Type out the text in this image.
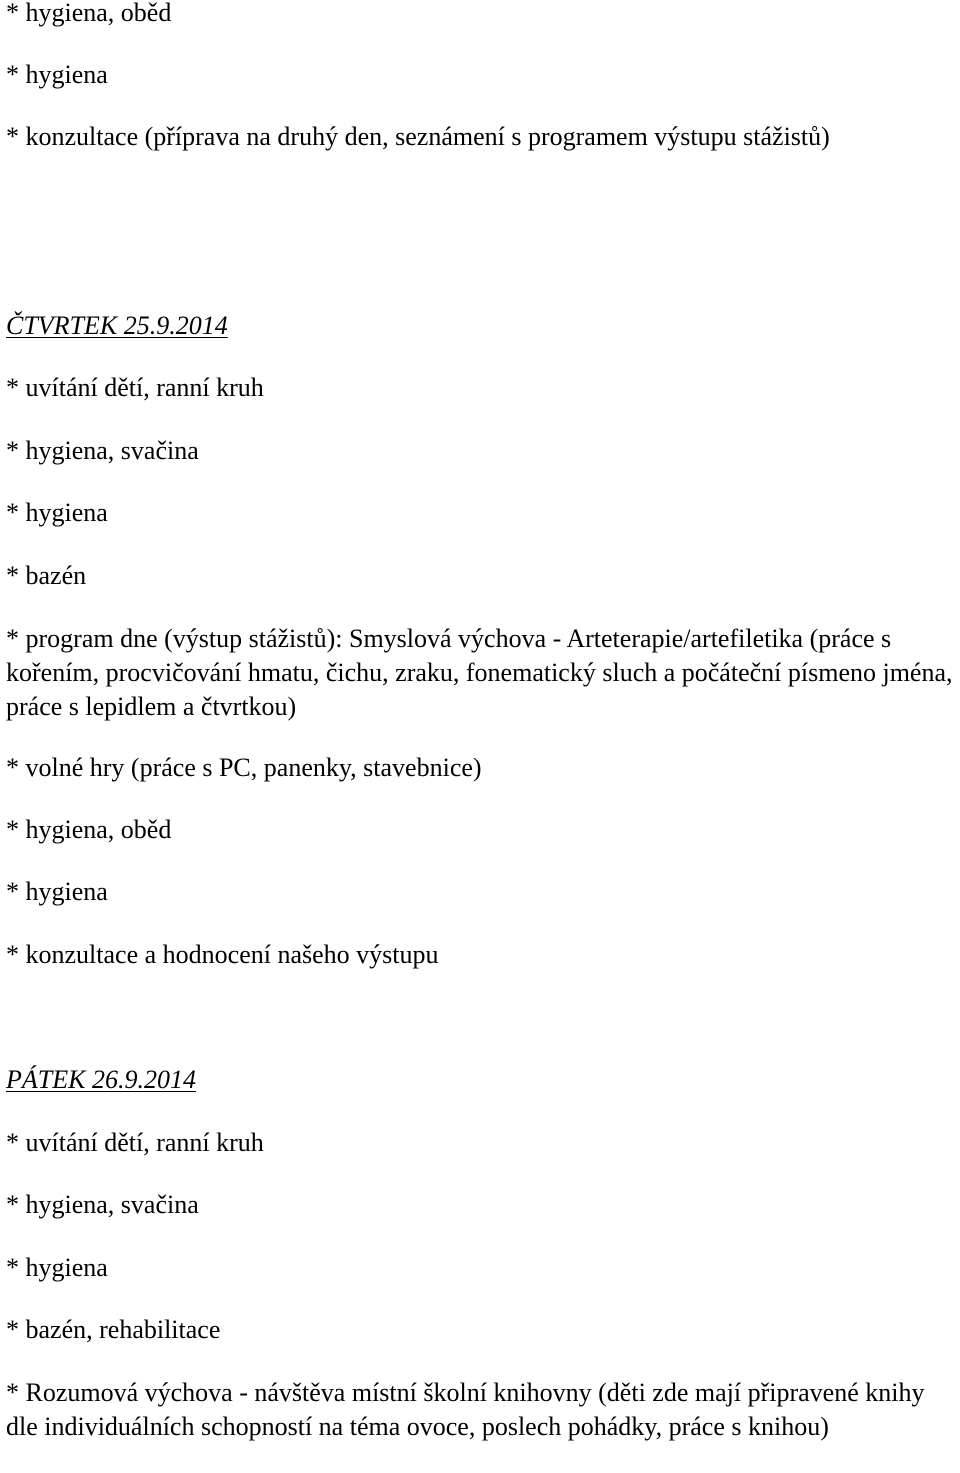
* hygiena, oběd
* hygiena
* konzultace (příprava na druhý den, seznámení s programem výstupu stážistů)
ČTVRTEK 25.9.2014
* uvítání dětí, ranní kruh
* hygiena, svačina
* hygiena
* bazén
* program dne (výstup stážistů): Smyslová výchova - Arteterapie/artefiletika (práce s kořením, procvičování hmatu, čichu, zraku, fonematický sluch a počáteční písmeno jména, práce s lepidlem a čtvrtkou)
* volné hry (práce s PC, panenky, stavebnice)
* hygiena, oběd
* hygiena
* konzultace a hodnocení našeho výstupu
PÁTEK 26.9.2014
* uvítání dětí, ranní kruh
* hygiena, svačina
* hygiena
* bazén, rehabilitace
* Rozumová výchova - návštěva místní školní knihovny (děti zde mají připravené knihy dle individuálních schopností na téma ovoce, poslech pohádky, práce s knihou)
